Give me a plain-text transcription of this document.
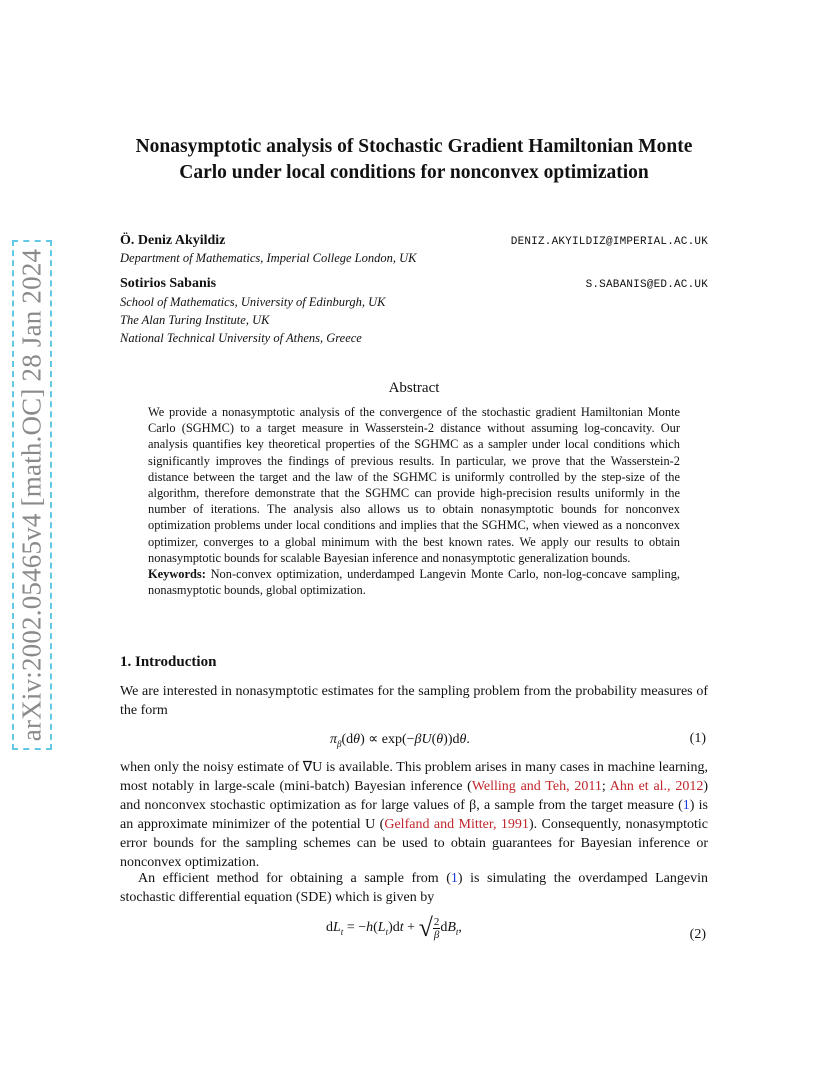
arXiv:2002.05465v4 [math.OC] 28 Jan 2024
Nonasymptotic analysis of Stochastic Gradient Hamiltonian Monte Carlo under local conditions for nonconvex optimization
Ö. Deniz Akyildiz	DENIZ.AKYILDIZ@IMPERIAL.AC.UK
Department of Mathematics, Imperial College London, UK
Sotirios Sabanis	S.SABANIS@ED.AC.UK
School of Mathematics, University of Edinburgh, UK
The Alan Turing Institute, UK
National Technical University of Athens, Greece
Abstract
We provide a nonasymptotic analysis of the convergence of the stochastic gradient Hamiltonian Monte Carlo (SGHMC) to a target measure in Wasserstein-2 distance without assuming log-concavity. Our analysis quantifies key theoretical properties of the SGHMC as a sampler under local conditions which significantly improves the findings of previous results. In particular, we prove that the Wasserstein-2 distance between the target and the law of the SGHMC is uniformly controlled by the step-size of the algorithm, therefore demonstrate that the SGHMC can provide high-precision results uniformly in the number of iterations. The analysis also allows us to obtain nonasymptotic bounds for nonconvex optimization problems under local conditions and implies that the SGHMC, when viewed as a nonconvex optimizer, converges to a global minimum with the best known rates. We apply our results to obtain nonasymptotic bounds for scalable Bayesian inference and nonasymptotic generalization bounds.
Keywords: Non-convex optimization, underdamped Langevin Monte Carlo, non-log-concave sampling, nonasmyptotic bounds, global optimization.
1. Introduction
We are interested in nonasymptotic estimates for the sampling problem from the probability measures of the form
$\pi_\beta(d\theta) \propto \exp(-\beta U(\theta))d\theta$.	(1)
when only the noisy estimate of ∇U is available. This problem arises in many cases in machine learning, most notably in large-scale (mini-batch) Bayesian inference (Welling and Teh, 2011; Ahn et al., 2012) and nonconvex stochastic optimization as for large values of β, a sample from the target measure (1) is an approximate minimizer of the potential U (Gelfand and Mitter, 1991). Consequently, nonasymptotic error bounds for the sampling schemes can be used to obtain guarantees for Bayesian inference or nonconvex optimization.
An efficient method for obtaining a sample from (1) is simulating the overdamped Langevin stochastic differential equation (SDE) which is given by
$dL_t = -h(L_t)dt$ + √ $\frac{2}{\beta} dB_t$,	(2)
